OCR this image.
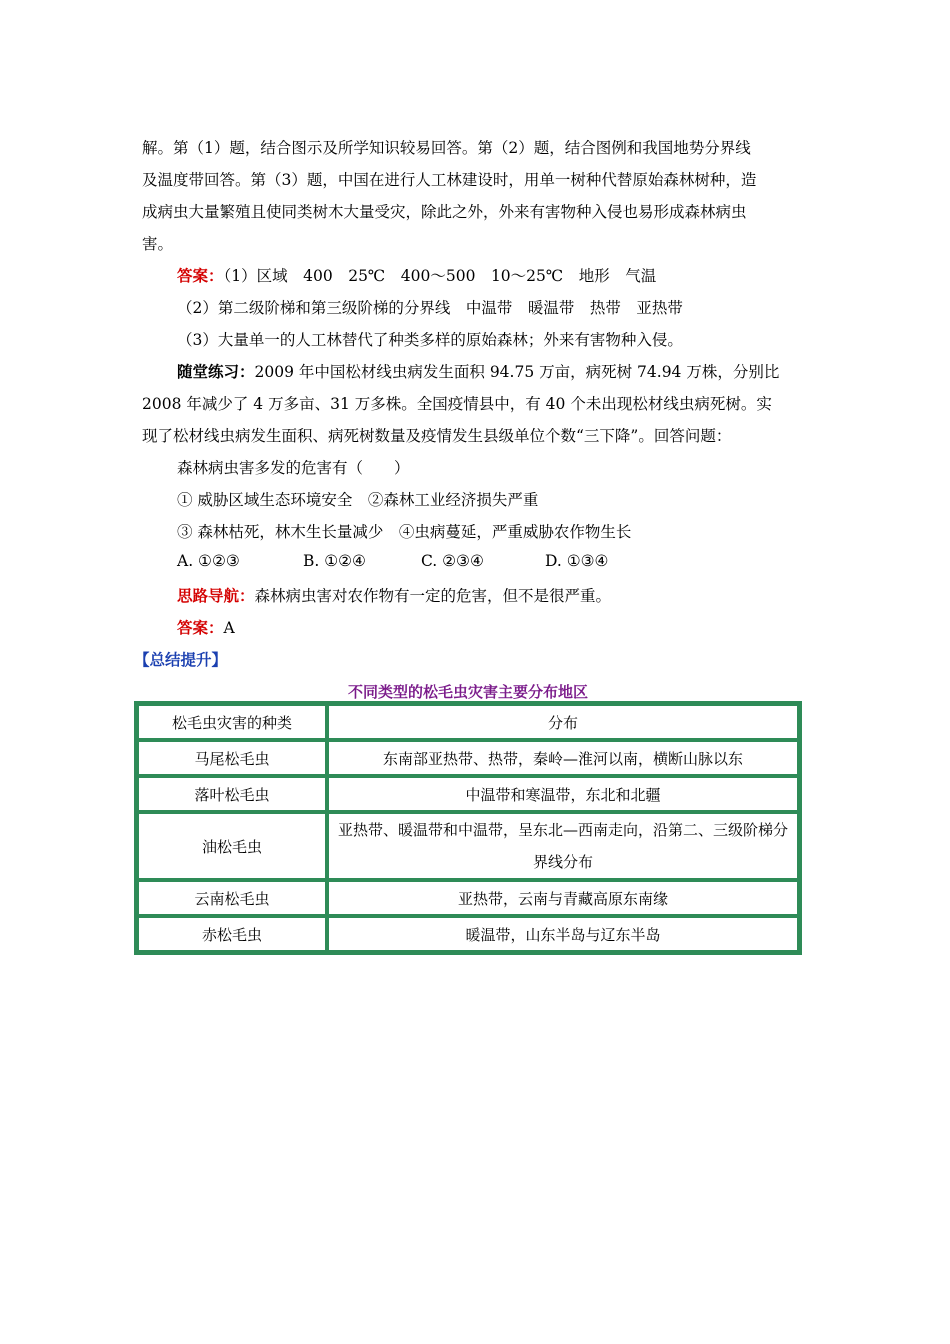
解。第（1）题，结合图示及所学知识较易回答。第（2）题，结合图例和我国地势分界线
及温度带回答。第（3）题，中国在进行人工林建设时，用单一树种代替原始森林树种，造
成病虫大量繁殖且使同类树木大量受灾，除此之外，外来有害物种入侵也易形成森林病虫
害。
答案：（1）区域　400　25℃　400～500　10～25℃　地形　气温
（2）第二级阶梯和第三级阶梯的分界线　中温带　暖温带　热带　亚热带
（3）大量单一的人工林替代了种类多样的原始森林；外来有害物种入侵。
随堂练习：2009 年中国松材线虫病发生面积 94.75 万亩，病死树 74.94 万株，分别比
2008 年减少了 4 万多亩、31 万多株。全国疫情县中，有 40 个未出现松材线虫病死树。实
现了松材线虫病发生面积、病死树数量及疫情发生县级单位个数“三下降”。回答问题：
森林病虫害多发的危害有（　　）
① 威胁区域生态环境安全　②森林工业经济损失严重
③ 森林枯死，林木生长量减少　④虫病蔓延，严重威胁农作物生长
A. ①②③	B. ①②④	C. ②③④	D. ①③④
思路导航：森林病虫害对农作物有一定的危害，但不是很严重。
答案：A
【总结提升】
不同类型的松毛虫灾害主要分布地区
松毛虫灾害的种类	分布
马尾松毛虫	东南部亚热带、热带，秦岭—淮河以南，横断山脉以东
落叶松毛虫	中温带和寒温带，东北和北疆
油松毛虫	亚热带、暖温带和中温带，呈东北—西南走向，沿第二、三级阶梯分界线分布
云南松毛虫	亚热带，云南与青藏高原东南缘
赤松毛虫	暖温带，山东半岛与辽东半岛
